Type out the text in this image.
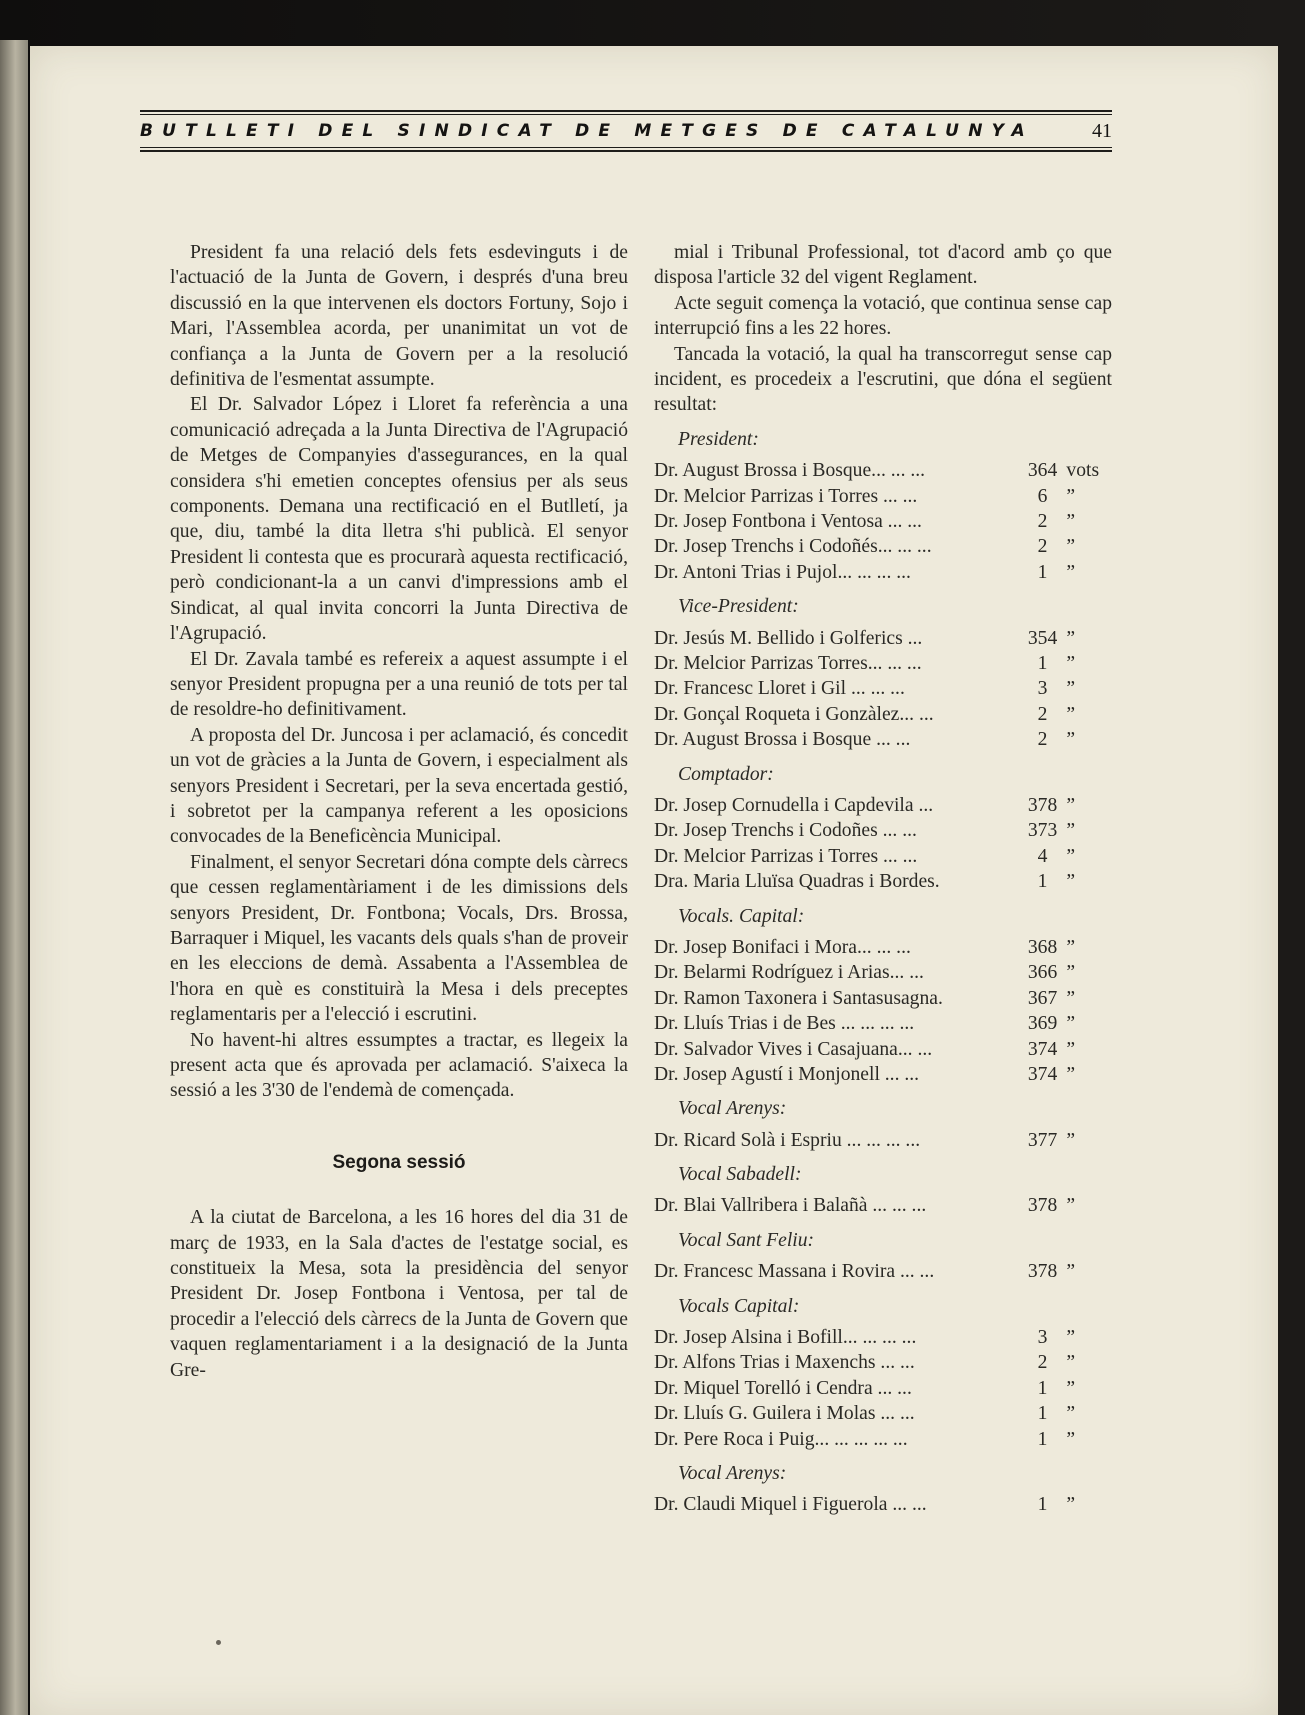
BUTLLETI DEL SINDICAT DE METGES DE CATALUNYA	41

President fa una relació dels fets esdevinguts i de l'actuació de la Junta de Govern, i després d'una breu discussió en la que intervenen els doctors Fortuny, Sojo i Mari, l'Assemblea acorda, per unanimitat un vot de confiança a la Junta de Govern per a la resolució definitiva de l'esmentat assumpte.

El Dr. Salvador López i Lloret fa referència a una comunicació adreçada a la Junta Directiva de l'Agrupació de Metges de Companyies d'assegurances, en la qual considera s'hi emetien conceptes ofensius per als seus components. Demana una rectificació en el Butlletí, ja que, diu, també la dita lletra s'hi publicà. El senyor President li contesta que es procurarà aquesta rectificació, però condicionant-la a un canvi d'impressions amb el Sindicat, al qual invita concorri la Junta Directiva de l'Agrupació.

El Dr. Zavala també es refereix a aquest assumpte i el senyor President propugna per a una reunió de tots per tal de resoldre-ho definitivament.

A proposta del Dr. Juncosa i per aclamació, és concedit un vot de gràcies a la Junta de Govern, i especialment als senyors President i Secretari, per la seva encertada gestió, i sobretot per la campanya referent a les oposicions convocades de la Beneficència Municipal.

Finalment, el senyor Secretari dóna compte dels càrrecs que cessen reglamentàriament i de les dimissions dels senyors President, Dr. Fontbona; Vocals, Drs. Brossa, Barraquer i Miquel, les vacants dels quals s'han de proveir en les eleccions de demà. Assabenta a l'Assemblea de l'hora en què es constituirà la Mesa i dels preceptes reglamentaris per a l'elecció i escrutini.

No havent-hi altres essumptes a tractar, es llegeix la present acta que és aprovada per aclamació. S'aixeca la sessió a les 3'30 de l'endemà de començada.

Segona sessió

A la ciutat de Barcelona, a les 16 hores del dia 31 de març de 1933, en la Sala d'actes de l'estatge social, es constitueix la Mesa, sota la presidència del senyor President Dr. Josep Fontbona i Ventosa, per tal de procedir a l'elecció dels càrrecs de la Junta de Govern que vaquen reglamentariament i a la designació de la Junta Gre-

mial i Tribunal Professional, tot d'acord amb ço que disposa l'article 32 del vigent Reglament.

Acte seguit comença la votació, que continua sense cap interrupció fins a les 22 hores.

Tancada la votació, la qual ha transcorregut sense cap incident, es procedeix a l'escrutini, que dóna el següent resultat:

President:
Dr. August Brossa i Bosque... ... ...	364 vots
Dr. Melcior Parrizas i Torres ... ...	6 ”
Dr. Josep Fontbona i Ventosa ... ...	2 ”
Dr. Josep Trenchs i Codoñés... ... ...	2 ”
Dr. Antoni Trias i Pujol... ... ... ...	1 ”
Vice-President:
Dr. Jesús M. Bellido i Golferics ...	354 ”
Dr. Melcior Parrizas Torres... ... ...	1 ”
Dr. Francesc Lloret i Gil ... ... ...	3 ”
Dr. Gonçal Roqueta i Gonzàlez... ...	2 ”
Dr. August Brossa i Bosque ... ...	2 ”
Comptador:
Dr. Josep Cornudella i Capdevila ...	378 ”
Dr. Josep Trenchs i Codoñes ... ...	373 ”
Dr. Melcior Parrizas i Torres ... ...	4 ”
Dra. Maria Lluïsa Quadras i Bordes.	1 ”
Vocals. Capital:
Dr. Josep Bonifaci i Mora... ... ...	368 ”
Dr. Belarmi Rodríguez i Arias... ...	366 ”
Dr. Ramon Taxonera i Santasusagna.	367 ”
Dr. Lluís Trias i de Bes ... ... ... ...	369 ”
Dr. Salvador Vives i Casajuana... ...	374 ”
Dr. Josep Agustí i Monjonell ... ...	374 ”
Vocal Arenys:
Dr. Ricard Solà i Espriu ... ... ... ...	377 ”
Vocal Sabadell:
Dr. Blai Vallribera i Balañà ... ... ...	378 ”
Vocal Sant Feliu:
Dr. Francesc Massana i Rovira ... ...	378 ”
Vocals Capital:
Dr. Josep Alsina i Bofill... ... ... ...	3 ”
Dr. Alfons Trias i Maxenchs ... ...	2 ”
Dr. Miquel Torelló i Cendra ... ...	1 ”
Dr. Lluís G. Guilera i Molas ... ...	1 ”
Dr. Pere Roca i Puig... ... ... ... ...	1 ”
Vocal Arenys:
Dr. Claudi Miquel i Figuerola ... ...	1 ”
